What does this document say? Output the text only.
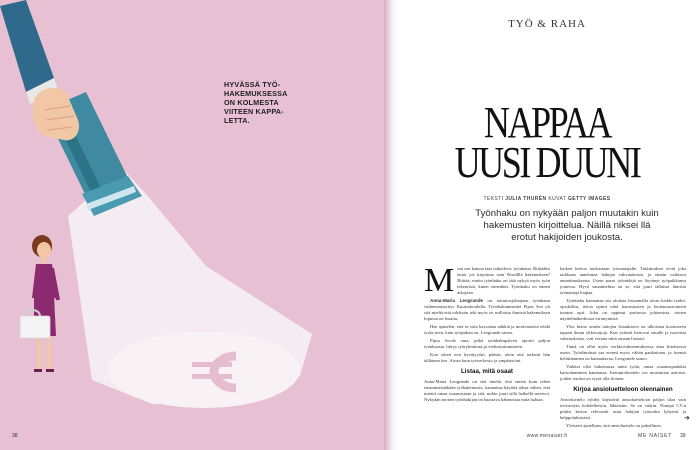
HYVÄSSÄ TYÖ-HAKEMUKSESSA ON KOLMESTA VIITEEN KAPPA-LETTA.
38
TYÖ & RAHA
NAPPAA
UUSI DUUNI
TEKSTI JULIA THURÉN KUVAT GETTY IMAGES
Työnhaku on nykyään paljon muutakin kuin hakemusten kirjoittelua. Näillä niksei llä erotut hakijoiden joukosta.

M oni sen kanssa taas taikaileva: työnhaun. Riittääkö enää, jos kirjoittaa vain Wordillä hakemuksen? Riittää, mutta työnhaku on tätä nykyä myös työn tekemistä, kuten ennenkin. Työnhaku on ennen aikojaan.

Anna-Maria Leogrande on toimitusjohtajana työnhaun valmennusyritys Kuusiokoululla. Työnhakuinnostei Pipsa Arn oli sitä mieltä että tuloksiin teki myös se, millaisia ihmisiä hakemuksen lopussa on listattu.

Hae ajattelen, että se vain kasvattaa näkkiä ja motivaatiota tehdä työtä siten, kuin työpaikan on, Leogrande sanoo.

Pipsa Arvile oma, pitkä työnhakupalveu oportti paljon työnhausta, liittyy työryhmiinsä ja verkostoitumiseen.

Kun sitten oon hyvätyyöni, pääsin, olein että tarkasti hän tälläinen itse. Aivan kuin työverkosto ja ympäristöni.

Listaa, mitä osaat

Anna-Maria Leogrande on sitä mieltä, että ennen kuin tehee ensimmäistäkään työhakemusta, kannattaa käyttää aikaa siihen, että miettii omaa osaamistaan ja sitä, mihin juuri sillä hetkellä motivoi. Nykyään monen työnhakijan on haastava hahmottaa mitä haluaa.

kaiken kertoa taidoistaan työnantajalle. Tutkimukset eivät joka tarkkaan annettuna hakijan vahvuuksista, ja tämän valittava annattimuksesta. Usein paras työntekijä on löytänyt työpaikkansa joutessa. Hyvä suunnitelma on se, että juuri tällaisia ihmisiä työnantaja kaipaa.

Työnhaku kannattaa siis aloittaa listaamalla aivan kaikki taidot: opiskellut, tietoa opitut sekä harrastusten ja luottamustoimien tuomat opit. Joku on oppinut partiossa johtamista, toinen näyttelmäkerhossa esiintymistä.

Yksi keino omien taitojen listaukseen on ulkoistaa koomiseen tapaan ilman ykkössijoja. Kun ystävät kertovat sinulle ja tuoreista vahvuuksista, voit verrata niitä omaan listaasi.

Tämä on ollut myös verkkovalmennuksessa aina liitoksessa usein. Työelämässä saa eteneä myös vähän paukuttaen, ja itsensä kehittäminen on kannattavaa, Leogrande sanoo.

Vaikkei olisi hakemassa uutta työtä, omaa osaamispankkia kartoittaminen kannattaa. Itsetuntoluettelo voi muistuttaa asioista, joiden vuoksi on syytä olla iloinen.

Kirjoa ansioluetteloon olennainen

Ansioluettelo ryhdyt käyttävät ansioluetteloon paljon tilaa vain tiivistetyin kohdelleisiin, lähteisiin. Se on väärin. Nimipä CV:n pitäisi kertoa relevantit asiat hakijan työuralta lyhyesti ja helppolukuisesti.

Yleisesti ajatellaan, että ansioluettelo on jatkallinen.

➜
www.menaiset.fi	ME NAISET 39
